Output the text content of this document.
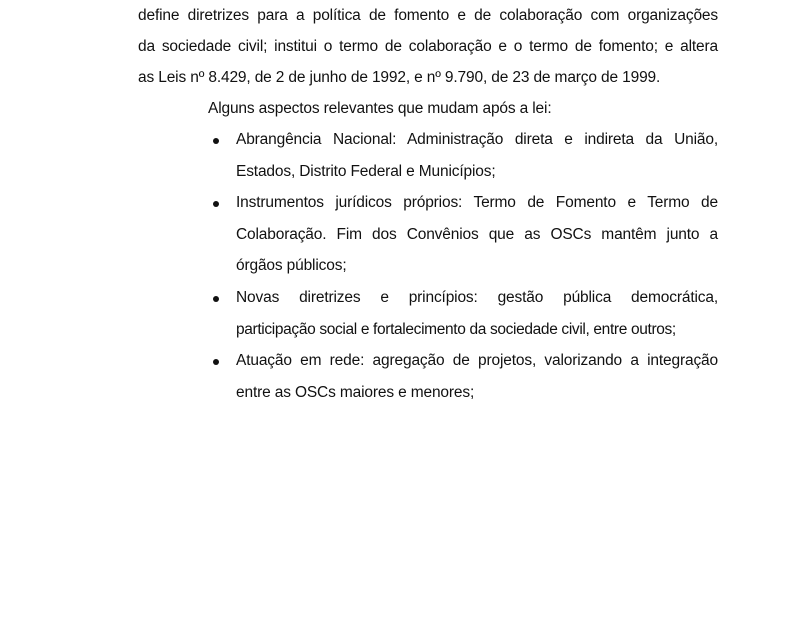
define diretrizes para a política de fomento e de colaboração com organizações
da sociedade civil; institui o termo de colaboração e o termo de fomento; e altera
as Leis nº 8.429, de 2 de junho de 1992, e nº 9.790, de 23 de março de 1999.
Alguns aspectos relevantes que mudam após a lei:
Abrangência Nacional: Administração direta e indireta da União,
Estados, Distrito Federal e Municípios;
Instrumentos jurídicos próprios: Termo de Fomento e Termo de
Colaboração. Fim dos Convênios que as OSCs mantêm junto a
órgãos públicos;
Novas diretrizes e princípios: gestão pública democrática,
participação social e fortalecimento da sociedade civil, entre outros;
Atuação em rede: agregação de projetos, valorizando a integração
entre as OSCs maiores e menores;
